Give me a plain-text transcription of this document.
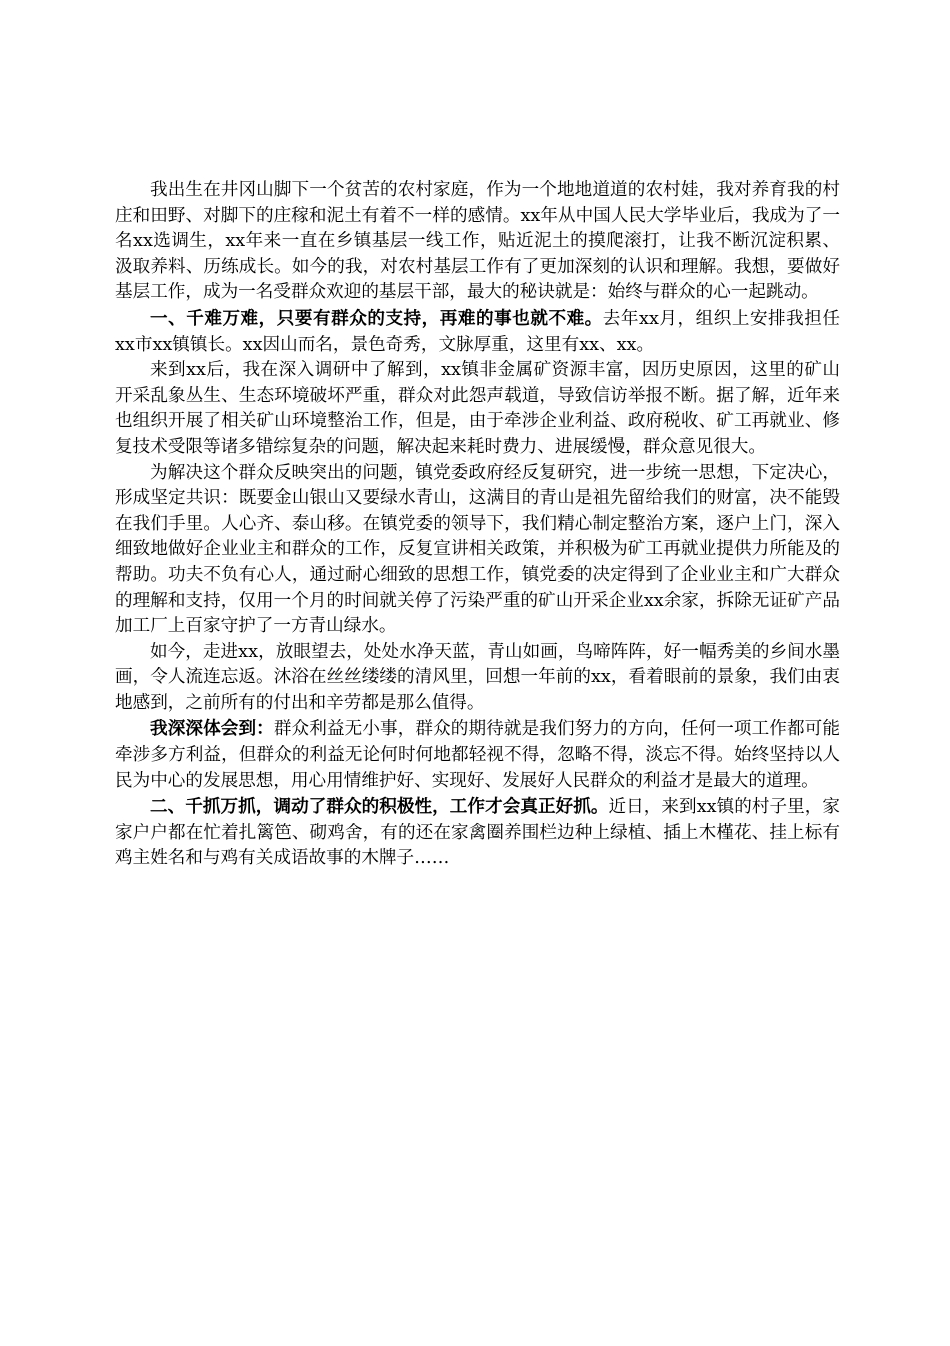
我出生在井冈山脚下一个贫苦的农村家庭，作为一个地地道道的农村娃，我对养育我的村庄和田野、对脚下的庄稼和泥土有着不一样的感情。xx年从中国人民大学毕业后，我成为了一名xx选调生，xx年来一直在乡镇基层一线工作，贴近泥土的摸爬滚打，让我不断沉淀积累、汲取养料、历练成长。如今的我，对农村基层工作有了更加深刻的认识和理解。我想，要做好基层工作，成为一名受群众欢迎的基层干部，最大的秘诀就是：始终与群众的心一起跳动。

一、千难万难，只要有群众的支持，再难的事也就不难。去年xx月，组织上安排我担任xx市xx镇镇长。xx因山而名，景色奇秀，文脉厚重，这里有xx、xx。

来到xx后，我在深入调研中了解到，xx镇非金属矿资源丰富，因历史原因，这里的矿山开采乱象丛生、生态环境破坏严重，群众对此怨声载道，导致信访举报不断。据了解，近年来也组织开展了相关矿山环境整治工作，但是，由于牵涉企业利益、政府税收、矿工再就业、修复技术受限等诸多错综复杂的问题，解决起来耗时费力、进展缓慢，群众意见很大。

为解决这个群众反映突出的问题，镇党委政府经反复研究，进一步统一思想，下定决心，形成坚定共识：既要金山银山又要绿水青山，这满目的青山是祖先留给我们的财富，决不能毁在我们手里。人心齐、泰山移。在镇党委的领导下，我们精心制定整治方案，逐户上门，深入细致地做好企业业主和群众的工作，反复宣讲相关政策，并积极为矿工再就业提供力所能及的帮助。功夫不负有心人，通过耐心细致的思想工作，镇党委的决定得到了企业业主和广大群众的理解和支持，仅用一个月的时间就关停了污染严重的矿山开采企业xx余家，拆除无证矿产品加工厂上百家守护了一方青山绿水。

如今，走进xx，放眼望去，处处水净天蓝，青山如画，鸟啼阵阵，好一幅秀美的乡间水墨画，令人流连忘返。沐浴在丝丝缕缕的清风里，回想一年前的xx，看着眼前的景象，我们由衷地感到，之前所有的付出和辛劳都是那么值得。

我深深体会到：群众利益无小事，群众的期待就是我们努力的方向，任何一项工作都可能牵涉多方利益，但群众的利益无论何时何地都轻视不得，忽略不得，淡忘不得。始终坚持以人民为中心的发展思想，用心用情维护好、实现好、发展好人民群众的利益才是最大的道理。

二、千抓万抓，调动了群众的积极性，工作才会真正好抓。近日，来到xx镇的村子里，家家户户都在忙着扎篱笆、砌鸡舍，有的还在家禽圈养围栏边种上绿植、插上木槿花、挂上标有鸡主姓名和与鸡有关成语故事的木牌子……
